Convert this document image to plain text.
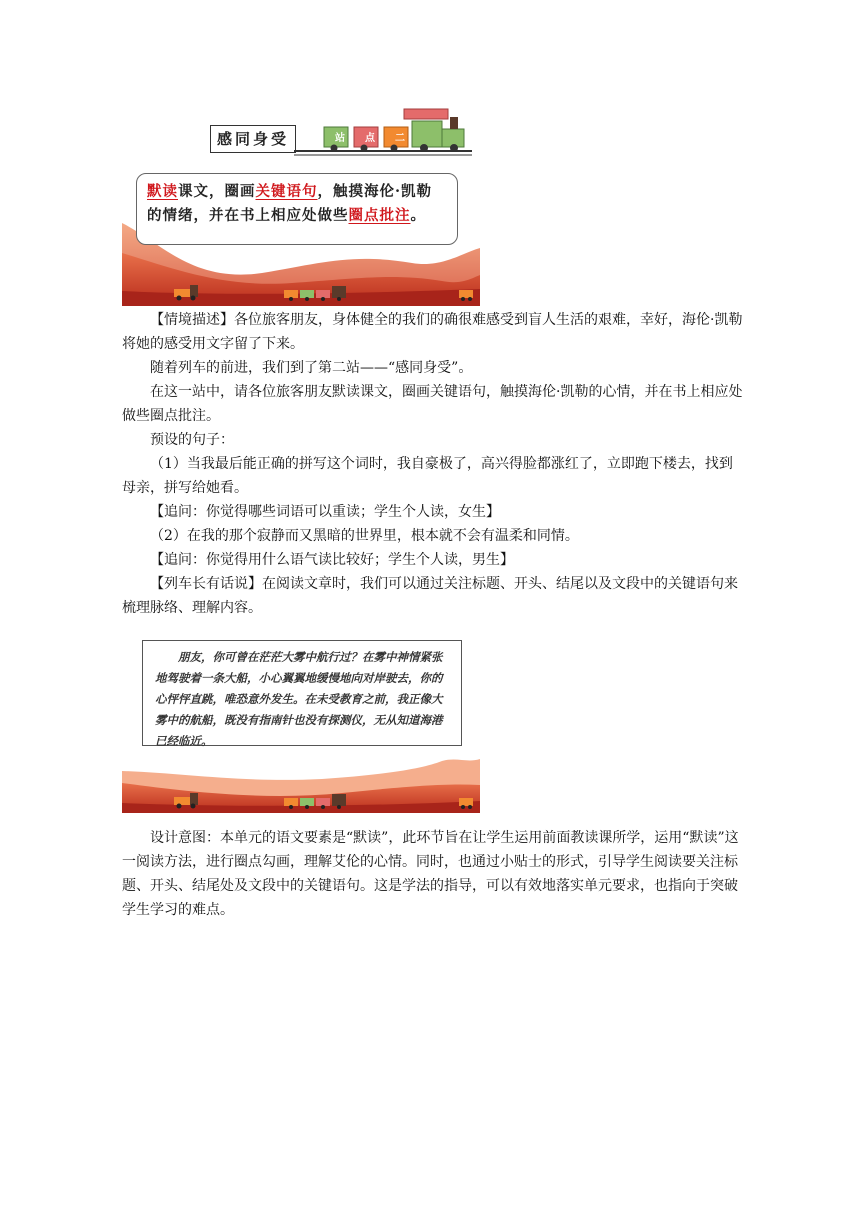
感同身受	站	点	二
默读课文，圈画关键语句，触摸海伦·凯勒的情绪，并在书上相应处做些圈点批注。
【情境描述】各位旅客朋友，身体健全的我们的确很难感受到盲人生活的艰难，幸好，海伦·凯勒将她的感受用文字留了下来。
随着列车的前进，我们到了第二站——“感同身受”。
在这一站中，请各位旅客朋友默读课文，圈画关键语句，触摸海伦·凯勒的心情，并在书上相应处做些圈点批注。
预设的句子：
（1）当我最后能正确的拼写这个词时，我自豪极了，高兴得脸都涨红了，立即跑下楼去，找到母亲，拼写给她看。
【追问：你觉得哪些词语可以重读；学生个人读，女生】
（2）在我的那个寂静而又黑暗的世界里，根本就不会有温柔和同情。
【追问：你觉得用什么语气读比较好；学生个人读，男生】
【列车长有话说】在阅读文章时，我们可以通过关注标题、开头、结尾以及文段中的关键语句来梳理脉络、理解内容。
朋友，你可曾在茫茫大雾中航行过？在雾中神情紧张地驾驶着一条大船，小心翼翼地缓慢地向对岸驶去，你的心怦怦直跳，唯恐意外发生。在未受教育之前，我正像大雾中的航船，既没有指南针也没有探测仪，无从知道海港已经临近。
设计意图：本单元的语文要素是“默读”，此环节旨在让学生运用前面教读课所学，运用“默读”这一阅读方法，进行圈点勾画，理解艾伦的心情。同时，也通过小贴士的形式，引导学生阅读要关注标题、开头、结尾处及文段中的关键语句。这是学法的指导，可以有效地落实单元要求，也指向于突破学生学习的难点。
